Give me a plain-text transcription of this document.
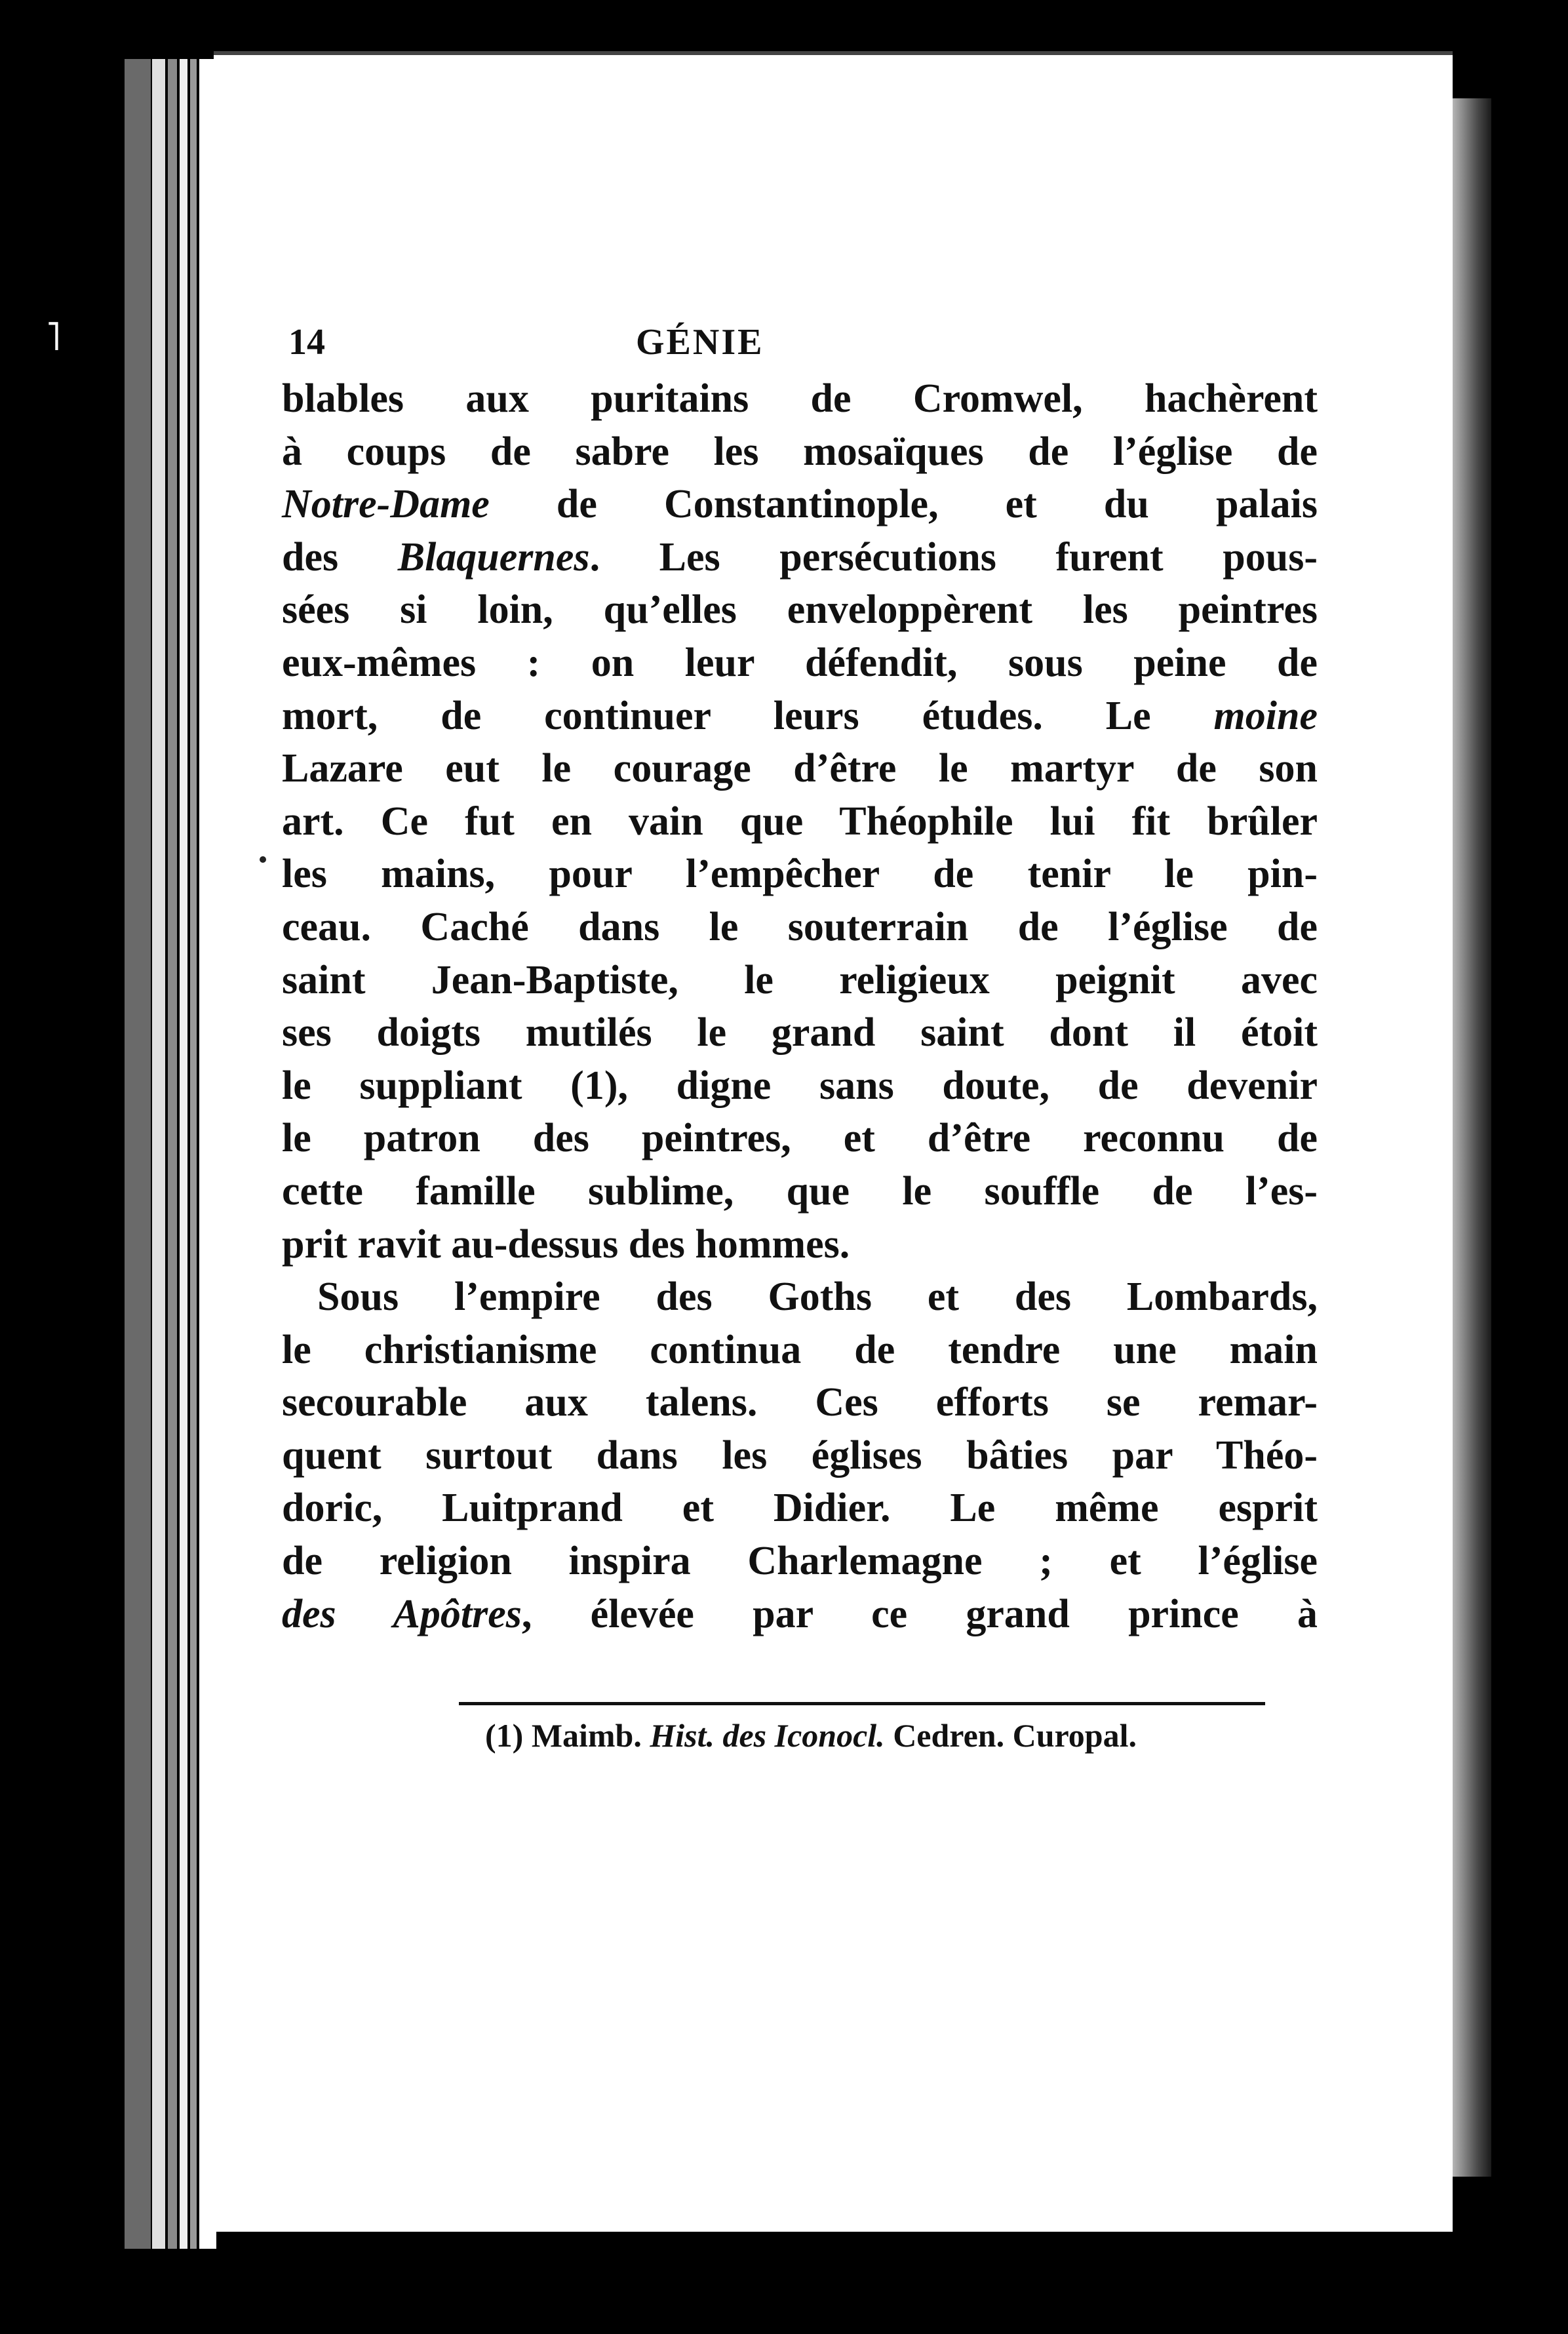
˥	14	GÉNIE

blables aux puritains de Cromwel, hachèrent
à coups de sabre les mosaïques de l’église de
Notre-Dame de Constantinople, et du palais
des Blaquernes. Les persécutions furent pous-
sées si loin, qu’elles enveloppèrent les peintres
eux-mêmes : on leur défendit, sous peine de
mort, de continuer leurs études. Le moine
Lazare eut le courage d’être le martyr de son
art. Ce fut en vain que Théophile lui fit brûler
les mains, pour l’empêcher de tenir le pin-
ceau. Caché dans le souterrain de l’église de
saint Jean-Baptiste, le religieux peignit avec
ses doigts mutilés le grand saint dont il étoit
le suppliant (1), digne sans doute, de devenir
le patron des peintres, et d’être reconnu de
cette famille sublime, que le souffle de l’es-
prit ravit au-dessus des hommes.

Sous l’empire des Goths et des Lombards,
le christianisme continua de tendre une main
secourable aux talens. Ces efforts se remar-
quent surtout dans les églises bâties par Théo-
doric, Luitprand et Didier. Le même esprit
de religion inspira Charlemagne ; et l’église
des Apôtres, élevée par ce grand prince à

(1) Maimb. Hist. des Iconocl. Cedren. Curopal.
